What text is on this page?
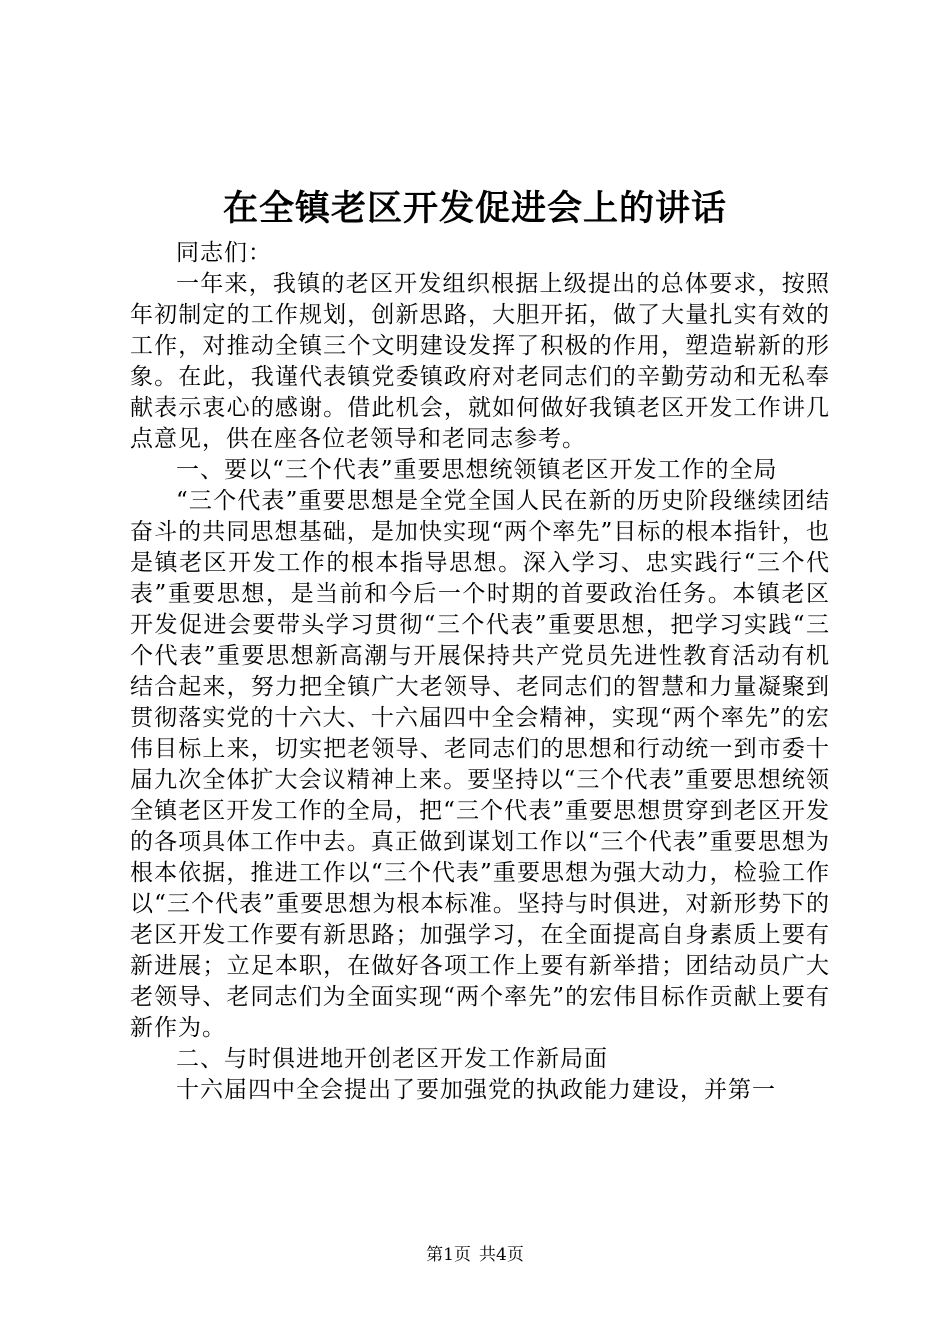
在全镇老区开发促进会上的讲话

同志们：

一年来，我镇的老区开发组织根据上级提出的总体要求，按照年初制定的工作规划，创新思路，大胆开拓，做了大量扎实有效的工作，对推动全镇三个文明建设发挥了积极的作用，塑造崭新的形象。在此，我谨代表镇党委镇政府对老同志们的辛勤劳动和无私奉献表示衷心的感谢。借此机会，就如何做好我镇老区开发工作讲几点意见，供在座各位老领导和老同志参考。

一、要以“三个代表”重要思想统领镇老区开发工作的全局

“三个代表”重要思想是全党全国人民在新的历史阶段继续团结奋斗的共同思想基础，是加快实现“两个率先”目标的根本指针，也是镇老区开发工作的根本指导思想。深入学习、忠实践行“三个代表”重要思想，是当前和今后一个时期的首要政治任务。本镇老区开发促进会要带头学习贯彻“三个代表”重要思想，把学习实践“三个代表”重要思想新高潮与开展保持共产党员先进性教育活动有机结合起来，努力把全镇广大老领导、老同志们的智慧和力量凝聚到贯彻落实党的十六大、十六届四中全会精神，实现“两个率先”的宏伟目标上来，切实把老领导、老同志们的思想和行动统一到市委十届九次全体扩大会议精神上来。要坚持以“三个代表”重要思想统领全镇老区开发工作的全局，把“三个代表”重要思想贯穿到老区开发的各项具体工作中去。真正做到谋划工作以“三个代表”重要思想为根本依据，推进工作以“三个代表”重要思想为强大动力，检验工作以“三个代表”重要思想为根本标准。坚持与时俱进，对新形势下的老区开发工作要有新思路；加强学习，在全面提高自身素质上要有新进展；立足本职，在做好各项工作上要有新举措；团结动员广大老领导、老同志们为全面实现“两个率先”的宏伟目标作贡献上要有新作为。

二、与时俱进地开创老区开发工作新局面

十六届四中全会提出了要加强党的执政能力建设，并第一

第1页 共4页
